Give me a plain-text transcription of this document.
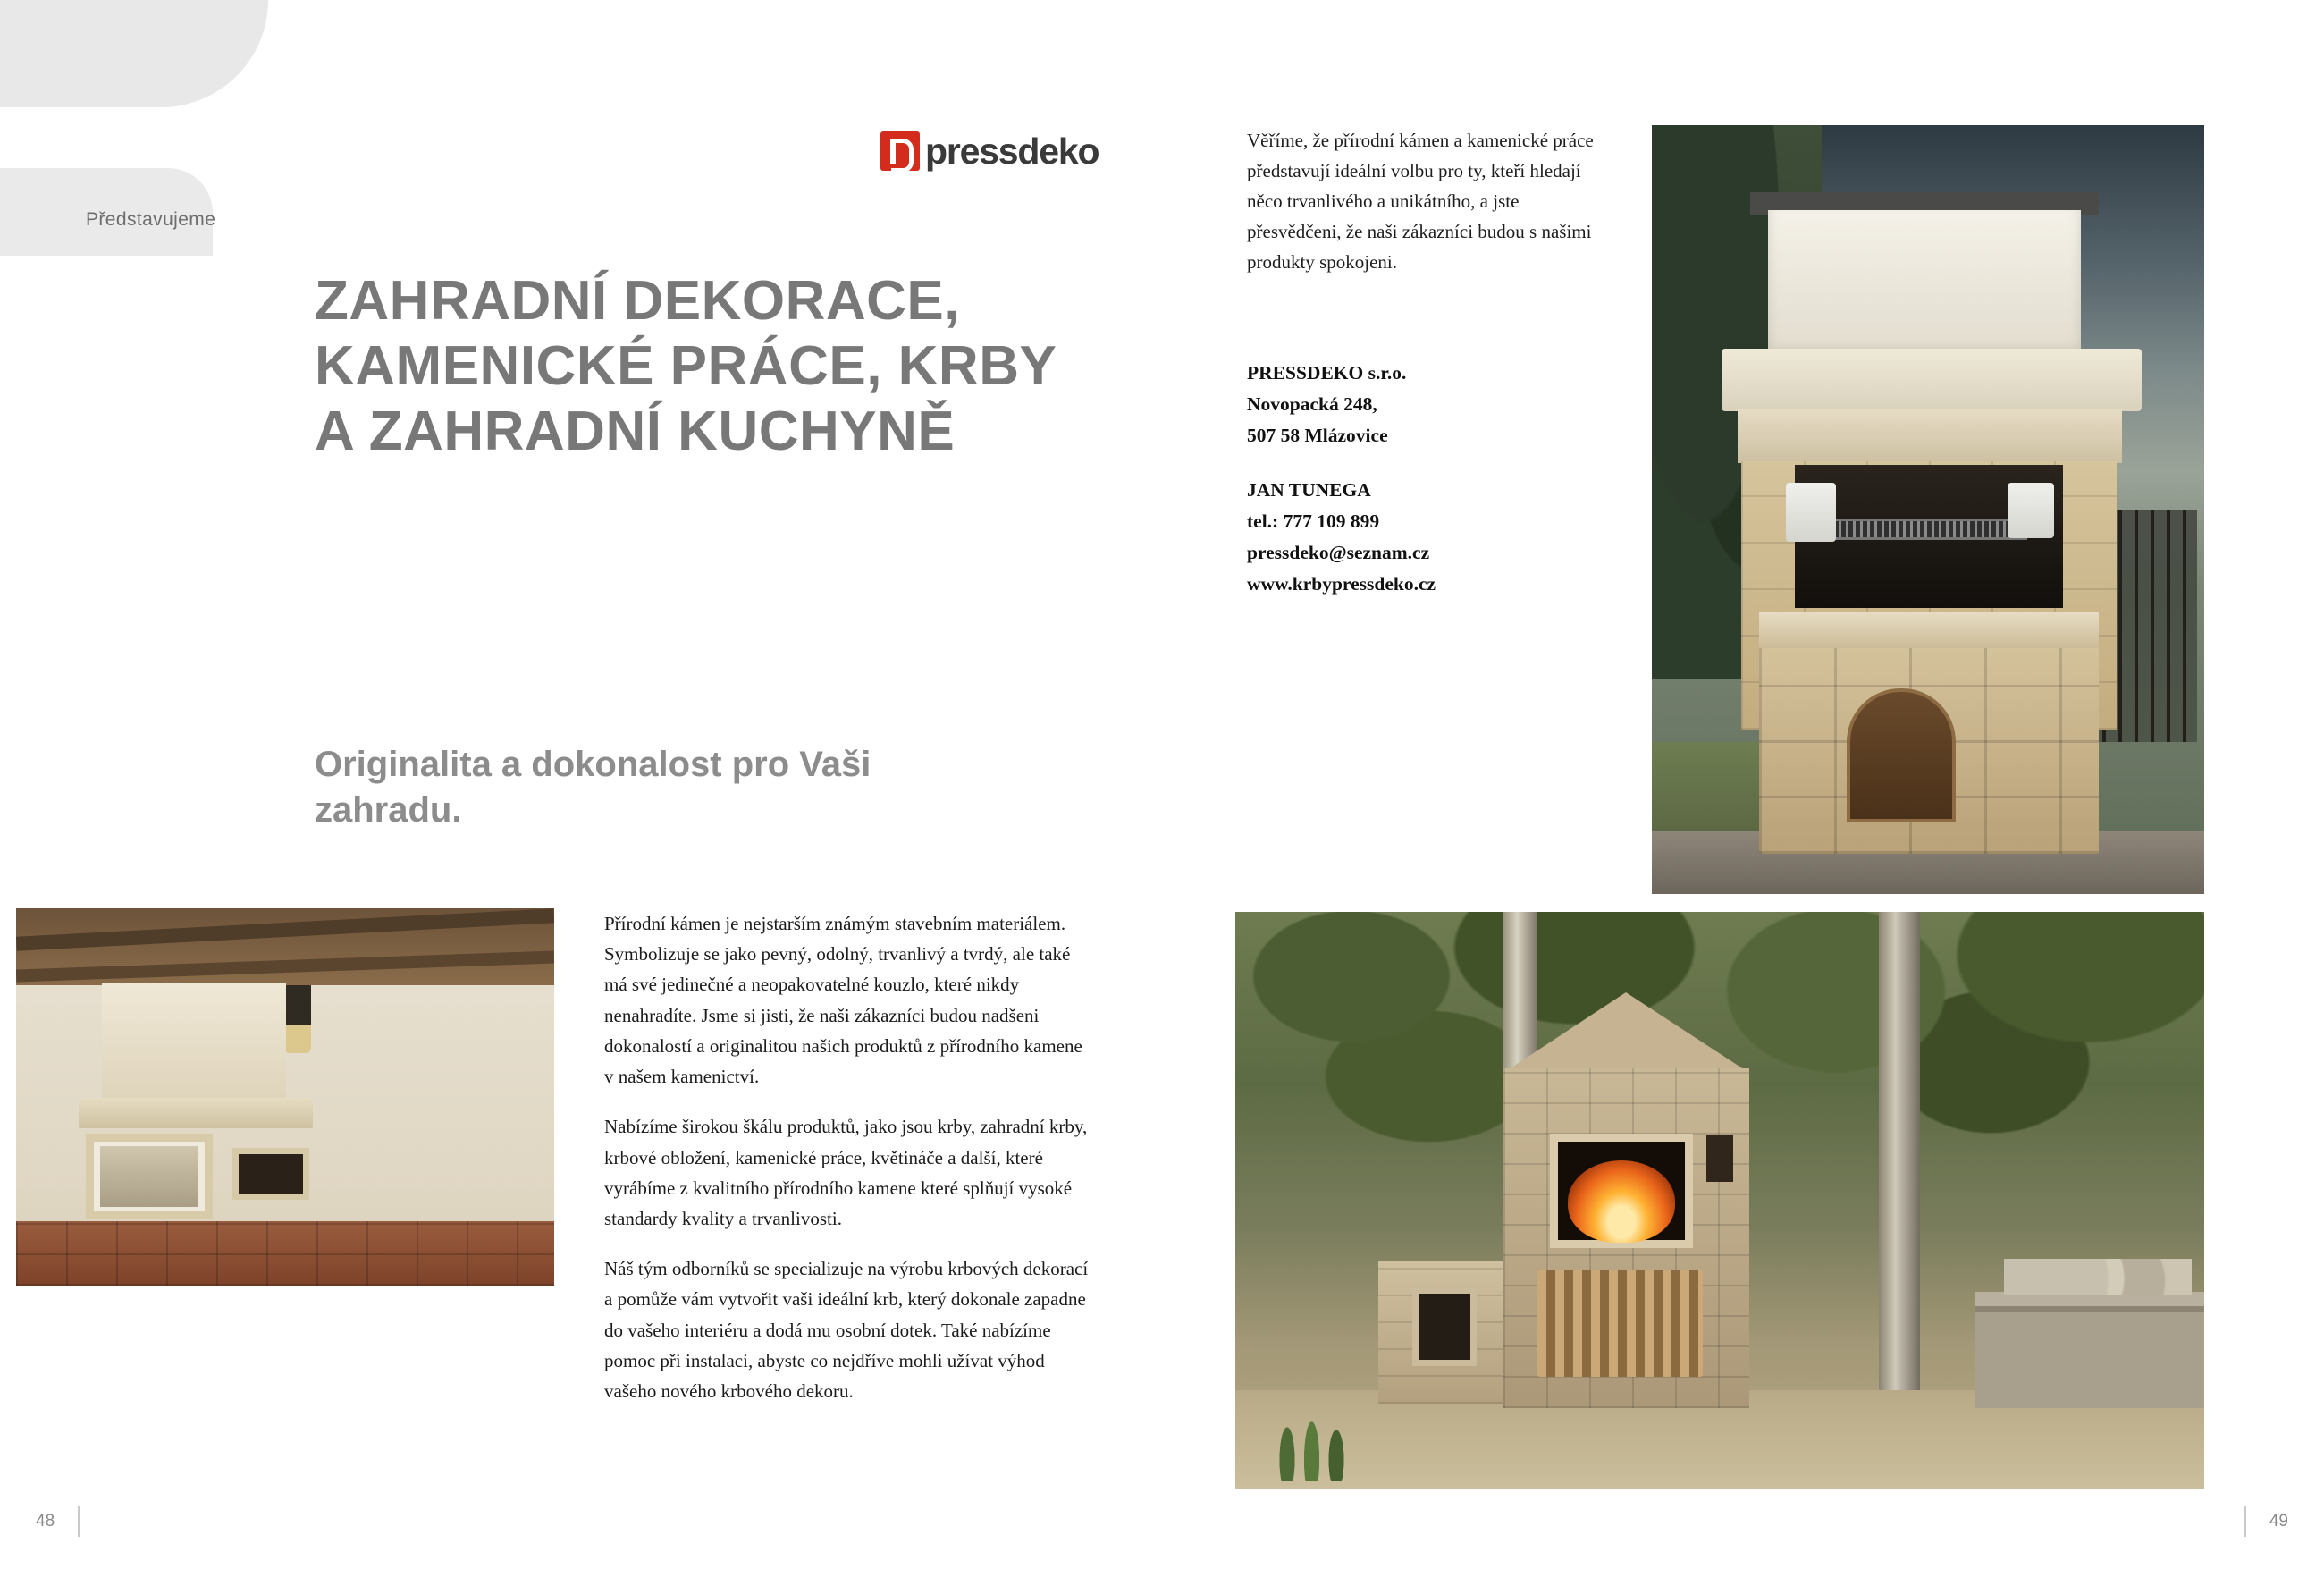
Představujeme
pressdeko
ZAHRADNÍ DEKORACE, KAMENICKÉ PRÁCE, KRBY A ZAHRADNÍ KUCHYNĚ
Originalita a dokonalost pro Vaši zahradu.

Věříme, že přírodní kámen a kamenické práce představují ideální volbu pro ty, kteří hledají něco trvanlivého a unikátního, a jste přesvědčeni, že naši zákazníci budou s našimi produkty spokojeni.

PRESSDEKO s.r.o.
Novopacká 248,
507 58 Mlázovice
JAN TUNEGA
tel.: 777 109 899
pressdeko@seznam.cz
www.krbypressdeko.cz

Přírodní kámen je nejstarším známým stavebním materiálem. Symbolizuje se jako pevný, odolný, trvanlivý a tvrdý, ale také má své jedinečné a neopakovatelné kouzlo, které nikdy nenahradíte. Jsme si jisti, že naši zákazníci budou nadšeni dokonalostí a originalitou našich produktů z přírodního kamene v našem kamenictví.

Nabízíme širokou škálu produktů, jako jsou krby, zahradní krby, krbové obložení, kamenické práce, květináče a další, které vyrábíme z kvalitního přírodního kamene které splňují vysoké standardy kvality a trvanlivosti.

Náš tým odborníků se specializuje na výrobu krbových dekorací a pomůže vám vytvořit vaši ideální krb, který dokonale zapadne do vašeho interiéru a dodá mu osobní dotek. Také nabízíme pomoc při instalaci, abyste co nejdříve mohli užívat výhod vašeho nového krbového dekoru.

48	49
